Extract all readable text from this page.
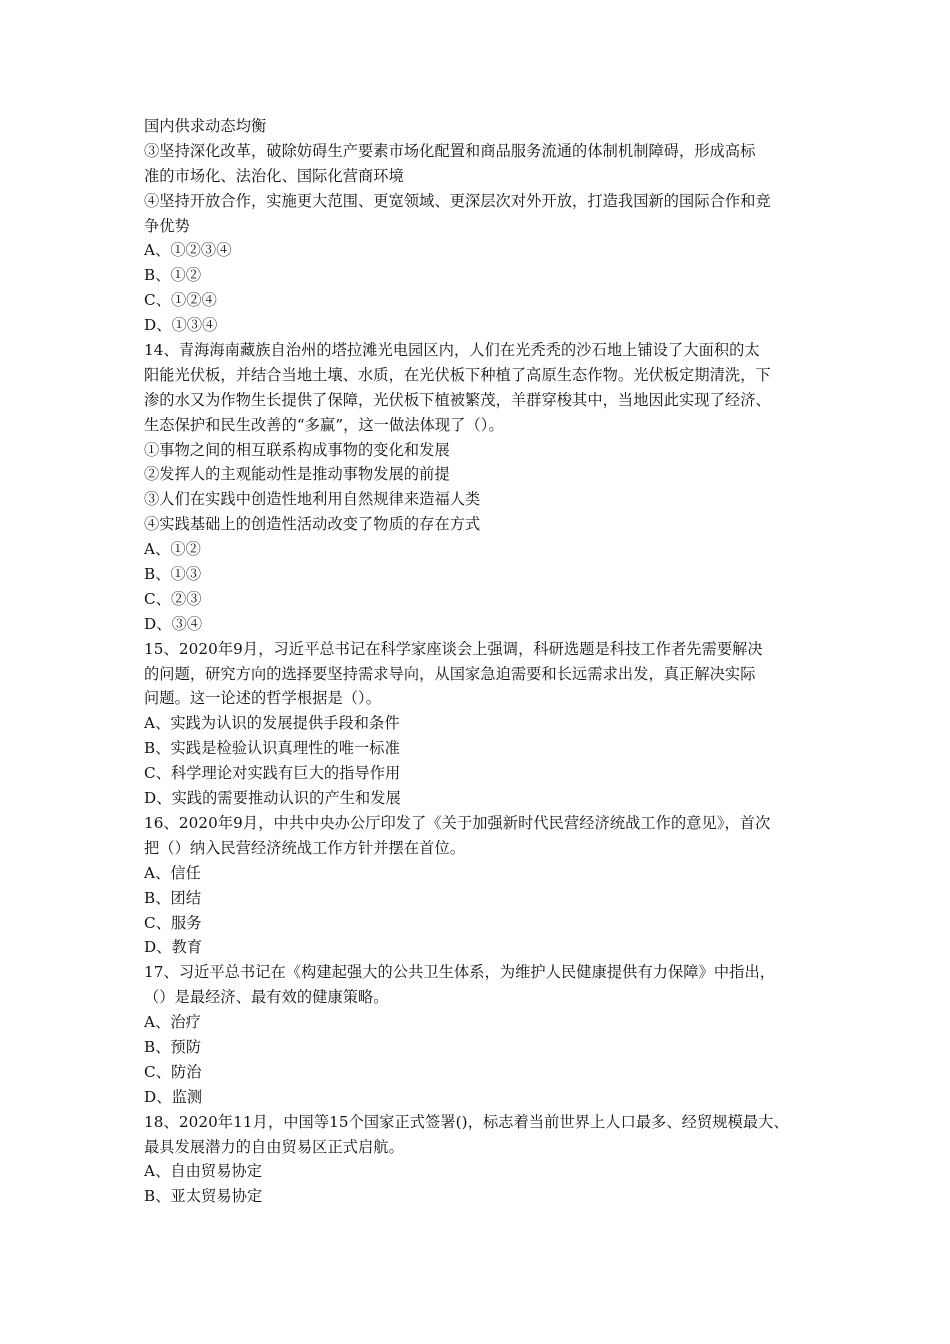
国内供求动态均衡
③坚持深化改革，破除妨碍生产要素市场化配置和商品服务流通的体制机制障碍，形成高标
准的市场化、法治化、国际化营商环境
④坚持开放合作，实施更大范围、更宽领域、更深层次对外开放，打造我国新的国际合作和竞
争优势
A、①②③④
B、①②
C、①②④
D、①③④
14、青海海南藏族自治州的塔拉滩光电园区内，人们在光秃秃的沙石地上铺设了大面积的太
阳能光伏板，并结合当地土壤、水质，在光伏板下种植了高原生态作物。光伏板定期清洗，下
渗的水又为作物生长提供了保障，光伏板下植被繁茂，羊群穿梭其中，当地因此实现了经济、
生态保护和民生改善的“多赢”，这一做法体现了（）。
①事物之间的相互联系构成事物的变化和发展
②发挥人的主观能动性是推动事物发展的前提
③人们在实践中创造性地利用自然规律来造福人类
④实践基础上的创造性活动改变了物质的存在方式
A、①②
B、①③
C、②③
D、③④
15、2020年9月，习近平总书记在科学家座谈会上强调，科研选题是科技工作者先需要解决
的问题，研究方向的选择要坚持需求导向，从国家急迫需要和长远需求出发，真正解决实际
问题。这一论述的哲学根据是（）。
A、实践为认识的发展提供手段和条件
B、实践是检验认识真理性的唯一标准
C、科学理论对实践有巨大的指导作用
D、实践的需要推动认识的产生和发展
16、2020年9月，中共中央办公厅印发了《关于加强新时代民营经济统战工作的意见》，首次
把（）纳入民营经济统战工作方针并摆在首位。
A、信任
B、团结
C、服务
D、教育
17、习近平总书记在《构建起强大的公共卫生体系，为维护人民健康提供有力保障》中指出，
（）是最经济、最有效的健康策略。
A、治疗
B、预防
C、防治
D、监测
18、2020年11月，中国等15个国家正式签署()，标志着当前世界上人口最多、经贸规模最大、
最具发展潜力的自由贸易区正式启航。
A、自由贸易协定
B、亚太贸易协定
